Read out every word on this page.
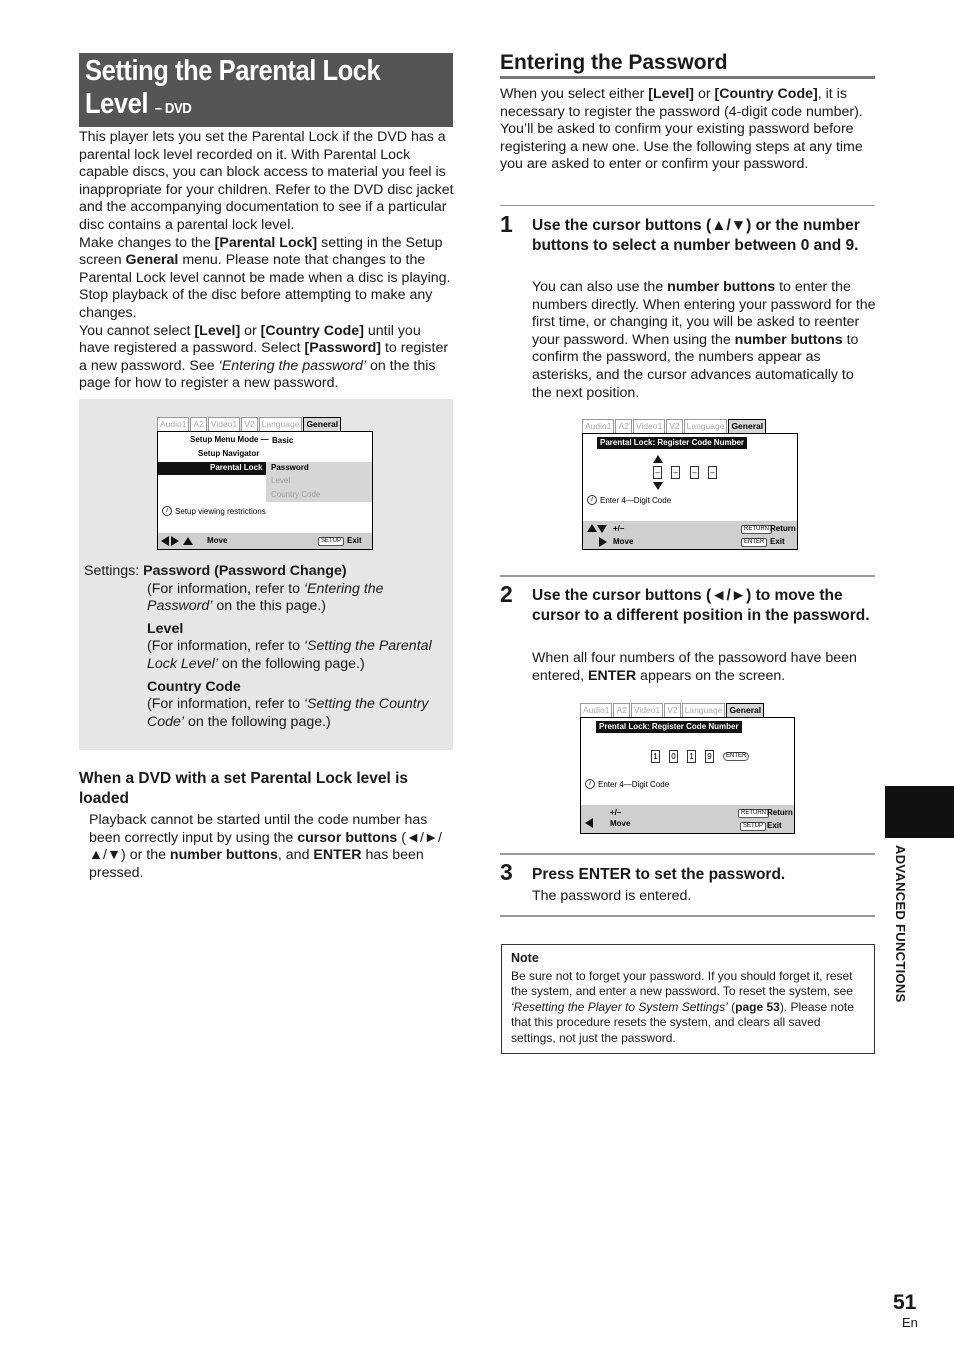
Setting the Parental Lock
Level – DVD

This player lets you set the Parental Lock if the DVD has a parental lock level recorded on it. With Parental Lock capable discs, you can block access to material you feel is inappropriate for your children. Refer to the DVD disc jacket and the accompanying documentation to see if a particular disc contains a parental lock level.

Make changes to the [Parental Lock] setting in the Setup screen General menu. Please note that changes to the Parental Lock level cannot be made when a disc is playing. Stop playback of the disc before attempting to make any changes.

You cannot select [Level] or [Country Code] until you have registered a password. Select [Password] to register a new password. See ‘Entering the password’ on the this page for how to register a new password.

Audio1 A2 Video1 V2 Language General
Setup Menu Mode — Basic
Setup Navigator
Parental Lock Password
Level
Country Code
i Setup viewing restrictions
Move	SETUP Exit
Settings: Password (Password Change)
(For information, refer to ‘Entering the Password’ on the this page.)
Level
(For information, refer to ‘Setting the Parental Lock Level’ on the following page.)
Country Code
(For information, refer to ‘Setting the Country Code’ on the following page.)
When a DVD with a set Parental Lock level is loaded
Playback cannot be started until the code number has been correctly input by using the cursor buttons (◄/►/▲/▼) or the number buttons, and ENTER has been pressed.
Entering the Password
When you select either [Level] or [Country Code], it is necessary to register the password (4-digit code number). You’ll be asked to confirm your existing password before registering a new one. Use the following steps at any time you are asked to enter or confirm your password.
1 Use the cursor buttons (▲/▼) or the number buttons to select a number between 0 and 9.
You can also use the number buttons to enter the numbers directly. When entering your password for the first time, or changing it, you will be asked to reenter your password. When using the number buttons to confirm the password, the numbers appear as asterisks, and the cursor advances automatically to the next position.
Audio1 A2 Video1 V2 Language General
Parental Lock: Register Code Number
– – – –
i Enter 4—Digit Code
+/–
Move
RETURN Return
ENTER Exit
2 Use the cursor buttons (◄/►) to move the cursor to a different position in the password.
When all four numbers of the passoword have been entered, ENTER appears on the screen.
Audio1 A2 Video1 V2 Language General
Prental Lock: Register Code Number
1 0 1 9	ENTER
i Enter 4—Digit Code
+/–
Move
RETURN Return
SETUP Exit
3 Press ENTER to set the password.
The password is entered.
Note
Be sure not to forget your password. If you should forget it, reset the system, and enter a new password. To reset the system, see ‘Resetting the Player to System Settings’ (page 53). Please note that this procedure resets the system, and clears all saved settings, not just the password.
ADVANCED FUNCTIONS
51
En
